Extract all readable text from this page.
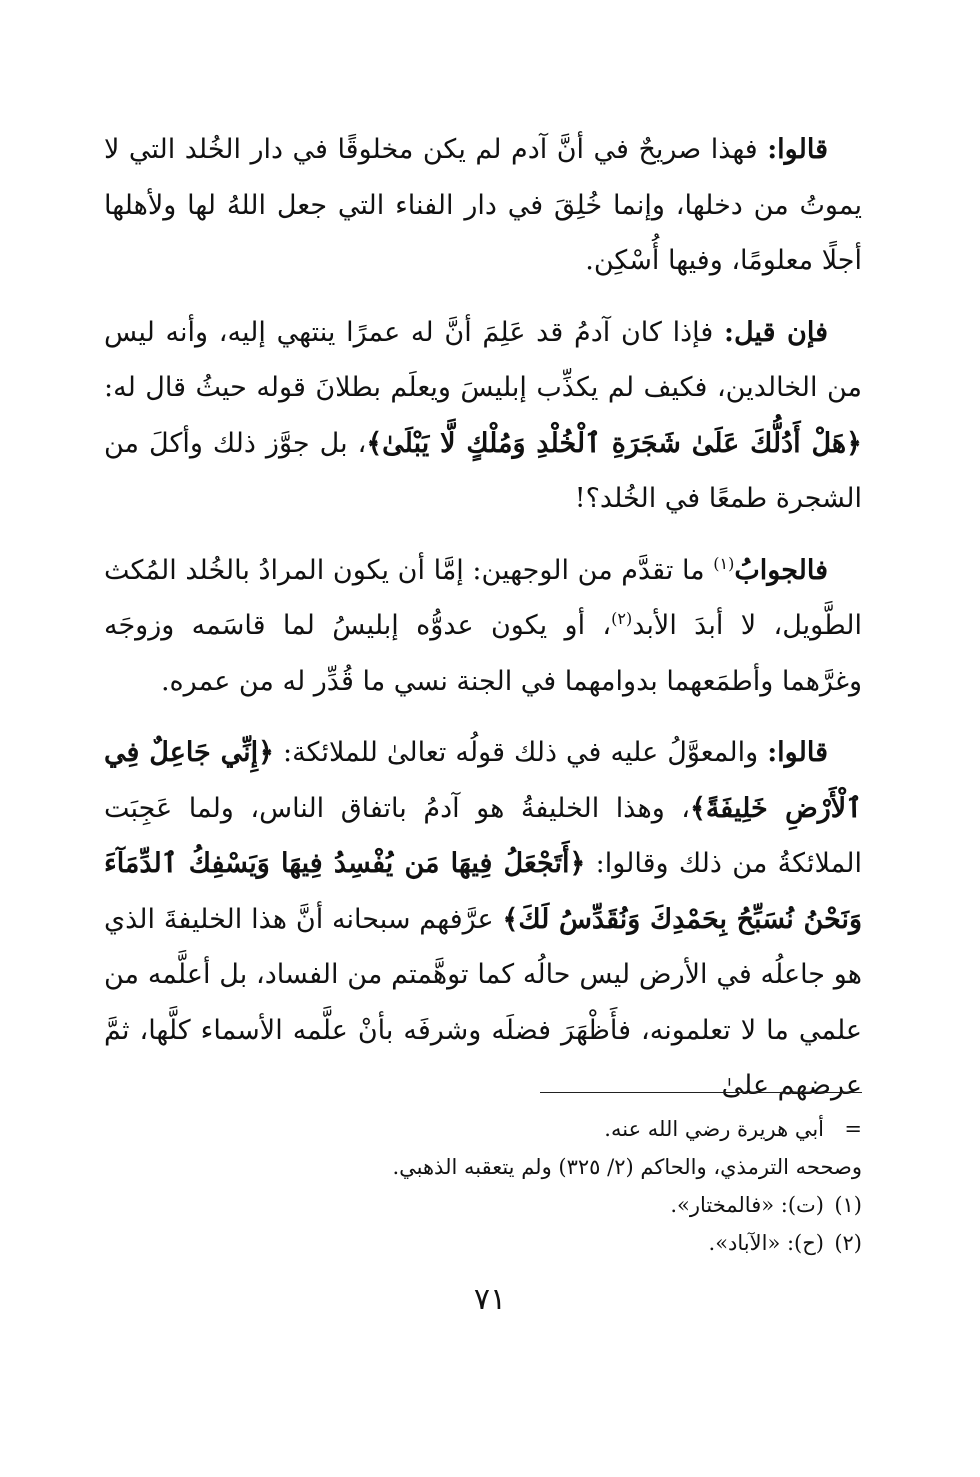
قالوا: فهذا صريحٌ في أنَّ آدم لم يكن مخلوقًا في دار الخُلد التي لا يموتُ من دخلها، وإنما خُلِقَ في دار الفناء التي جعل اللهُ لها ولأهلها أجلًا معلومًا، وفيها أُسْكِن.

فإن قيل: فإذا كان آدمُ قد عَلِمَ أنَّ له عمرًا ينتهي إليه، وأنه ليس من الخالدين، فكيف لم يكذِّب إبليسَ ويعلَم بطلانَ قوله حيثُ قال له: ﴿هَلْ أَدُلُّكَ عَلَىٰ شَجَرَةِ ٱلْخُلْدِ وَمُلْكٍ لَّا يَبْلَىٰ﴾، بل جوَّز ذلك وأكلَ من الشجرة طمعًا في الخُلد؟!

فالجوابُ$^{(١)}$ ما تقدَّم من الوجهين: إمَّا أن يكون المرادُ بالخُلد المُكث الطَّويل، لا أبدَ الأبد$^{(٢)}$، أو يكون عدوُّه إبليسُ لما قاسَمه وزوجَه وغرَّهما وأطمَعهما بدوامهما في الجنة نسي ما قُدِّر له من عمره.

قالوا: والمعوَّلُ عليه في ذلك قولُه تعالىٰ للملائكة: ﴿إِنِّي جَاعِلٌ فِي ٱلْأَرْضِ خَلِيفَةً﴾، وهذا الخليفةُ هو آدمُ باتفاق الناس، ولما عَجِبَت الملائكةُ من ذلك وقالوا: ﴿أَتَجْعَلُ فِيهَا مَن يُفْسِدُ فِيهَا وَيَسْفِكُ ٱلدِّمَآءَ وَنَحْنُ نُسَبِّحُ بِحَمْدِكَ وَنُقَدِّسُ لَكَ﴾ عرَّفهم سبحانه أنَّ هذا الخليفةَ الذي هو جاعلُه في الأرض ليس حالُه كما توهَّمتم من الفساد، بل أعلَّمه من علمي ما لا تعلمونه، فأَظْهَرَ فضلَه وشرفَه بأنْ علَّمه الأسماء كلَّها، ثمَّ عرضهم علىٰ

=أبي هريرة رضي الله عنه.

وصححه الترمذي، والحاكم (٢/ ٣٢٥) ولم يتعقبه الذهبي.

(١)(ت): «فالمختار».

(٢)(ح): «الآباد».

٧١
